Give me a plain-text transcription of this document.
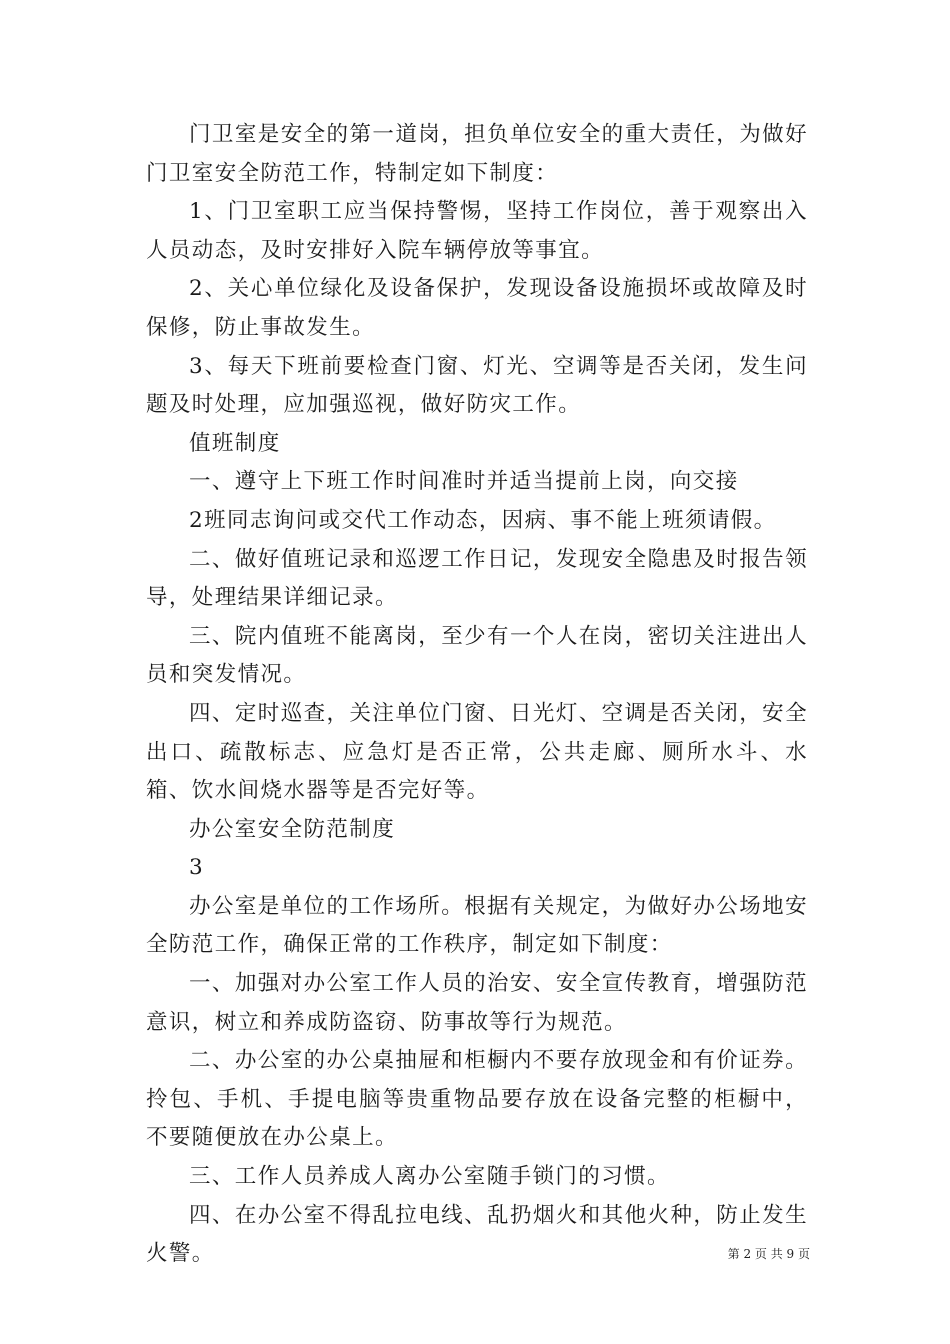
门卫室是安全的第一道岗，担负单位安全的重大责任，为做好门卫室安全防范工作，特制定如下制度：

1、门卫室职工应当保持警惕，坚持工作岗位，善于观察出入人员动态，及时安排好入院车辆停放等事宜。

2、关心单位绿化及设备保护，发现设备设施损坏或故障及时保修，防止事故发生。

3、每天下班前要检查门窗、灯光、空调等是否关闭，发生问题及时处理，应加强巡视，做好防灾工作。

值班制度

一、遵守上下班工作时间准时并适当提前上岗，向交接

2班同志询问或交代工作动态，因病、事不能上班须请假。

二、做好值班记录和巡逻工作日记，发现安全隐患及时报告领导，处理结果详细记录。

三、院内值班不能离岗，至少有一个人在岗，密切关注进出人员和突发情况。

四、定时巡查，关注单位门窗、日光灯、空调是否关闭，安全出口、疏散标志、应急灯是否正常，公共走廊、厕所水斗、水箱、饮水间烧水器等是否完好等。

办公室安全防范制度

3

办公室是单位的工作场所。根据有关规定，为做好办公场地安全防范工作，确保正常的工作秩序，制定如下制度：

一、加强对办公室工作人员的治安、安全宣传教育，增强防范意识，树立和养成防盗窃、防事故等行为规范。

二、办公室的办公桌抽屉和柜橱内不要存放现金和有价证券。拎包、手机、手提电脑等贵重物品要存放在设备完整的柜橱中，不要随便放在办公桌上。

三、工作人员养成人离办公室随手锁门的习惯。

四、在办公室不得乱拉电线、乱扔烟火和其他火种，防止发生火警。	第 2 页 共 9 页
